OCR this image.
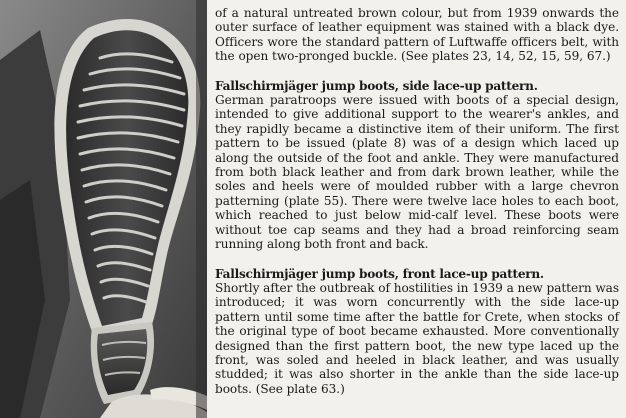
of a natural untreated brown colour, but from 1939 onwards the outer surface of leather equipment was stained with a black dye. Officers wore the standard pattern of Luftwaffe officers belt, with the open two-pronged buckle. (See plates 23, 14, 52, 15, 59, 67.)

Fallschirmjäger jump boots, side lace-up pattern.

German paratroops were issued with boots of a special design, intended to give additional support to the wearer's ankles, and they rapidly became a distinctive item of their uniform. The first pattern to be issued (plate 8) was of a design which laced up along the outside of the foot and ankle. They were manufactured from both black leather and from dark brown leather, while the soles and heels were of moulded rubber with a large chevron patterning (plate 55). There were twelve lace holes to each boot, which reached to just below mid-calf level. These boots were without toe cap seams and they had a broad reinforcing seam running along both front and back.

Fallschirmjäger jump boots, front lace-up pattern.

Shortly after the outbreak of hostilities in 1939 a new pattern was introduced; it was worn concurrently with the side lace-up pattern until some time after the battle for Crete, when stocks of the original type of boot became exhausted. More conventionally designed than the first pattern boot, the new type laced up the front, was soled and heeled in black leather, and was usually studded; it was also shorter in the ankle than the side lace-up boots. (See plate 63.)
